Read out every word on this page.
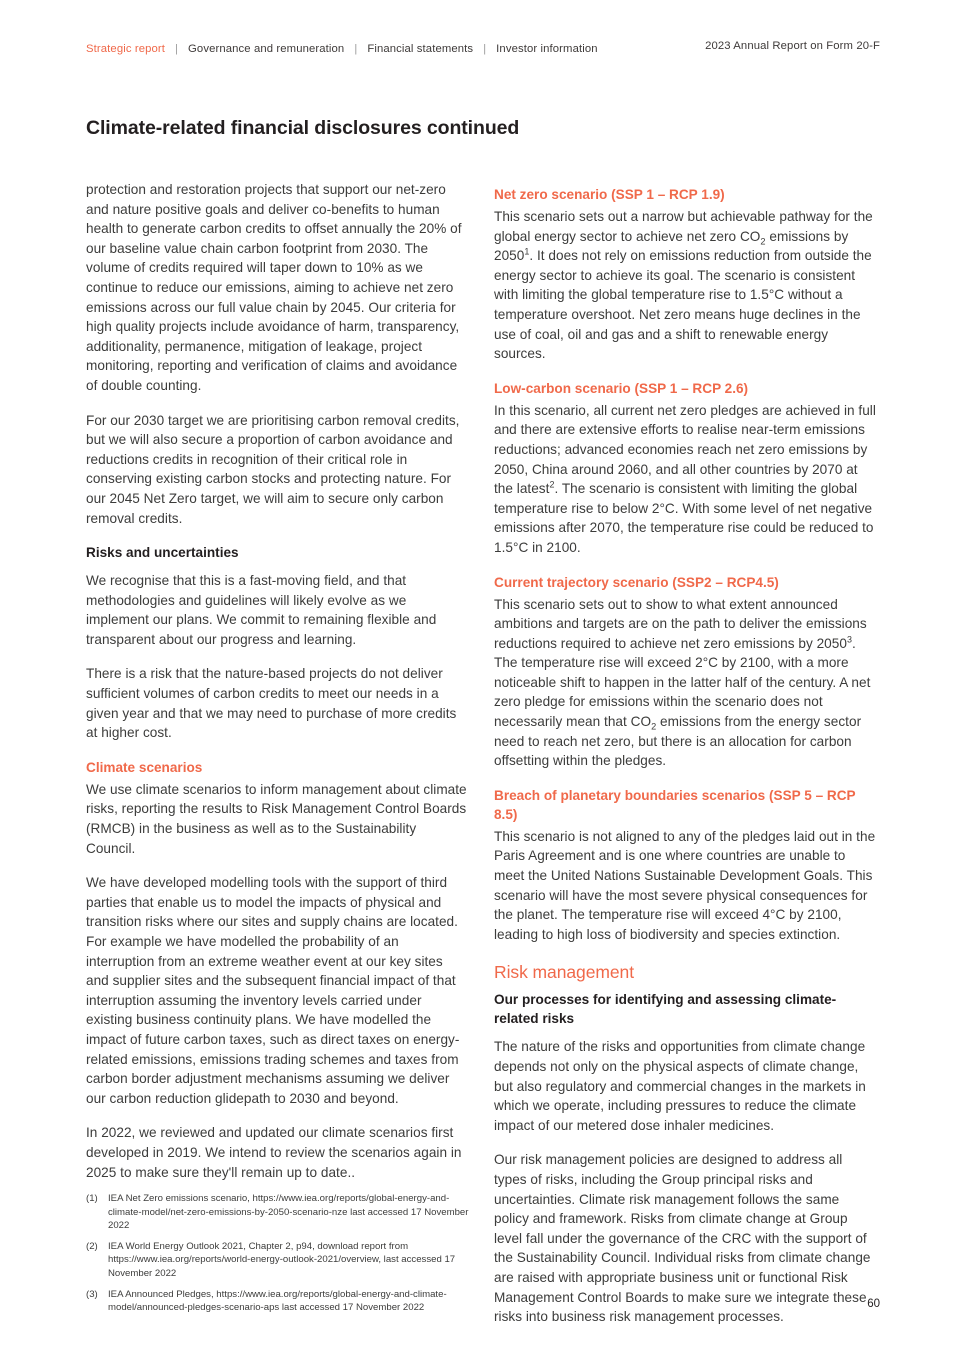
Strategic report | Governance and remuneration | Financial statements | Investor information	2023 Annual Report on Form 20-F
Climate-related financial disclosures continued

protection and restoration projects that support our net-zero and nature positive goals and deliver co-benefits to human health to generate carbon credits to offset annually the 20% of our baseline value chain carbon footprint from 2030. The volume of credits required will taper down to 10% as we continue to reduce our emissions, aiming to achieve net zero emissions across our full value chain by 2045. Our criteria for high quality projects include avoidance of harm, transparency, additionality, permanence, mitigation of leakage, project monitoring, reporting and verification of claims and avoidance of double counting.

For our 2030 target we are prioritising carbon removal credits, but we will also secure a proportion of carbon avoidance and reductions credits in recognition of their critical role in conserving existing carbon stocks and protecting nature. For our 2045 Net Zero target, we will aim to secure only carbon removal credits.

Risks and uncertainties

We recognise that this is a fast-moving field, and that methodologies and guidelines will likely evolve as we implement our plans. We commit to remaining flexible and transparent about our progress and learning.

There is a risk that the nature-based projects do not deliver sufficient volumes of carbon credits to meet our needs in a given year and that we may need to purchase of more credits at higher cost.

Climate scenarios

We use climate scenarios to inform management about climate risks, reporting the results to Risk Management Control Boards (RMCB) in the business as well as to the Sustainability Council.

We have developed modelling tools with the support of third parties that enable us to model the impacts of physical and transition risks where our sites and supply chains are located. For example we have modelled the probability of an interruption from an extreme weather event at our key sites and supplier sites and the subsequent financial impact of that interruption assuming the inventory levels carried under existing business continuity plans. We have modelled the impact of future carbon taxes, such as direct taxes on energy-related emissions, emissions trading schemes and taxes from carbon border adjustment mechanisms assuming we deliver our carbon reduction glidepath to 2030 and beyond.

In 2022, we reviewed and updated our climate scenarios first developed in 2019. We intend to review the scenarios again in 2025 to make sure they'll remain up to date..

Net zero scenario (SSP 1 – RCP 1.9)

This scenario sets out a narrow but achievable pathway for the global energy sector to achieve net zero $CO_2$ emissions by 2050$^1$. It does not rely on emissions reduction from outside the energy sector to achieve its goal. The scenario is consistent with limiting the global temperature rise to 1.5°C without a temperature overshoot. Net zero means huge declines in the use of coal, oil and gas and a shift to renewable energy sources.

Low-carbon scenario (SSP 1 – RCP 2.6)

In this scenario, all current net zero pledges are achieved in full and there are extensive efforts to realise near-term emissions reductions; advanced economies reach net zero emissions by 2050, China around 2060, and all other countries by 2070 at the latest$^2$. The scenario is consistent with limiting the global temperature rise to below 2°C. With some level of net negative emissions after 2070, the temperature rise could be reduced to 1.5°C in 2100.

Current trajectory scenario (SSP2 – RCP4.5)

This scenario sets out to show to what extent announced ambitions and targets are on the path to deliver the emissions reductions required to achieve net zero emissions by 2050$^3$. The temperature rise will exceed 2°C by 2100, with a more noticeable shift to happen in the latter half of the century. A net zero pledge for emissions within the scenario does not necessarily mean that $CO_2$ emissions from the energy sector need to reach net zero, but there is an allocation for carbon offsetting within the pledges.

Breach of planetary boundaries scenarios (SSP 5 – RCP 8.5)

This scenario is not aligned to any of the pledges laid out in the Paris Agreement and is one where countries are unable to meet the United Nations Sustainable Development Goals. This scenario will have the most severe physical consequences for the planet. The temperature rise will exceed 4°C by 2100, leading to high loss of biodiversity and species extinction.

Risk management
Our processes for identifying and assessing climate-related risks

The nature of the risks and opportunities from climate change depends not only on the physical aspects of climate change, but also regulatory and commercial changes in the markets in which we operate, including pressures to reduce the climate impact of our metered dose inhaler medicines.

Our risk management policies are designed to address all types of risks, including the Group principal risks and uncertainties. Climate risk management follows the same policy and framework. Risks from climate change at Group level fall under the governance of the CRC with the support of the Sustainability Council. Individual risks from climate change are raised with appropriate business unit or functional Risk Management Control Boards to make sure we integrate these risks into business risk management processes.

(1)	IEA Net Zero emissions scenario, https://www.iea.org/reports/global-energy-and-climate-model/net-zero-emissions-by-2050-scenario-nze last accessed 17 November 2022
(2)	IEA World Energy Outlook 2021, Chapter 2, p94, download report from https://www.iea.org/reports/world-energy-outlook-2021/overview, last accessed 17 November 2022
(3)	IEA Announced Pledges, https://www.iea.org/reports/global-energy-and-climate-model/announced-pledges-scenario-aps last accessed 17 November 2022	60
